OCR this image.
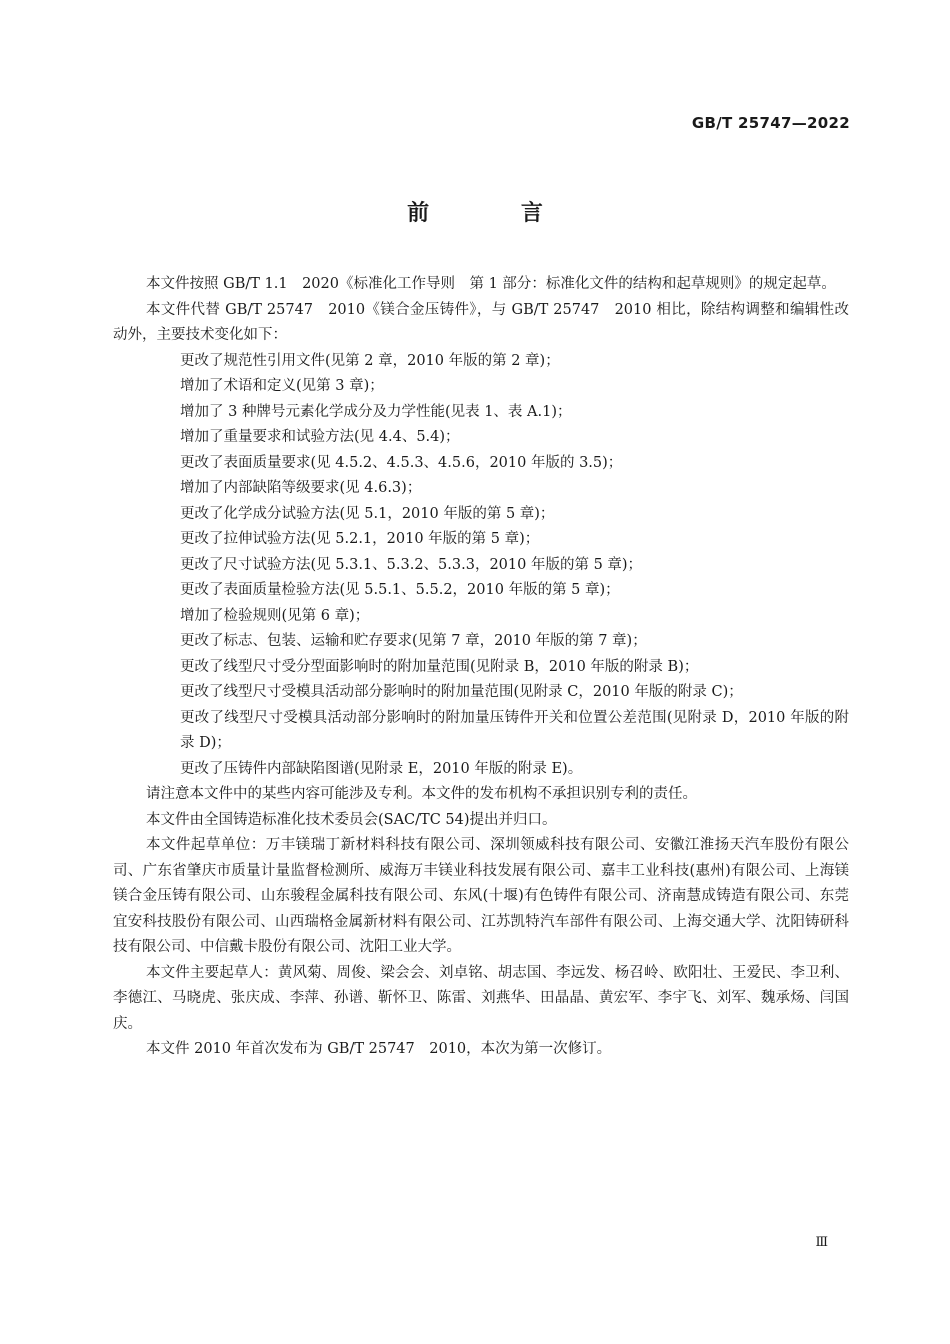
GB/T 25747—2022
前 言

本文件按照 GB/T 1.1　2020《标准化工作导则　第 1 部分：标准化文件的结构和起草规则》的规定起草。

本文件代替 GB/T 25747　2010《镁合金压铸件》，与 GB/T 25747　2010 相比，除结构调整和编辑性改动外，主要技术变化如下：

更改了规范性引用文件(见第 2 章，2010 年版的第 2 章)；

增加了术语和定义(见第 3 章)；

增加了 3 种牌号元素化学成分及力学性能(见表 1、表 A.1)；

增加了重量要求和试验方法(见 4.4、5.4)；

更改了表面质量要求(见 4.5.2、4.5.3、4.5.6，2010 年版的 3.5)；

增加了内部缺陷等级要求(见 4.6.3)；

更改了化学成分试验方法(见 5.1，2010 年版的第 5 章)；

更改了拉伸试验方法(见 5.2.1，2010 年版的第 5 章)；

更改了尺寸试验方法(见 5.3.1、5.3.2、5.3.3，2010 年版的第 5 章)；

更改了表面质量检验方法(见 5.5.1、5.5.2，2010 年版的第 5 章)；

增加了检验规则(见第 6 章)；

更改了标志、包装、运输和贮存要求(见第 7 章，2010 年版的第 7 章)；

更改了线型尺寸受分型面影响时的附加量范围(见附录 B，2010 年版的附录 B)；

更改了线型尺寸受模具活动部分影响时的附加量范围(见附录 C，2010 年版的附录 C)；

更改了线型尺寸受模具活动部分影响时的附加量压铸件开关和位置公差范围(见附录 D，2010 年版的附录 D)；

更改了压铸件内部缺陷图谱(见附录 E，2010 年版的附录 E)。

请注意本文件中的某些内容可能涉及专利。本文件的发布机构不承担识别专利的责任。

本文件由全国铸造标准化技术委员会(SAC/TC 54)提出并归口。

本文件起草单位：万丰镁瑞丁新材料科技有限公司、深圳领威科技有限公司、安徽江淮扬天汽车股份有限公司、广东省肇庆市质量计量监督检测所、威海万丰镁业科技发展有限公司、嘉丰工业科技(惠州)有限公司、上海镁镁合金压铸有限公司、山东骏程金属科技有限公司、东风(十堰)有色铸件有限公司、济南慧成铸造有限公司、东莞宜安科技股份有限公司、山西瑞格金属新材料有限公司、江苏凯特汽车部件有限公司、上海交通大学、沈阳铸研科技有限公司、中信戴卡股份有限公司、沈阳工业大学。

本文件主要起草人：黄风菊、周俊、梁会会、刘卓铭、胡志国、李远发、杨召岭、欧阳壮、王爱民、李卫利、李德江、马晓虎、张庆成、李萍、孙谱、靳怀卫、陈雷、刘燕华、田晶晶、黄宏军、李宇飞、刘军、魏承炀、闫国庆。

本文件 2010 年首次发布为 GB/T 25747　2010，本次为第一次修订。

Ⅲ
